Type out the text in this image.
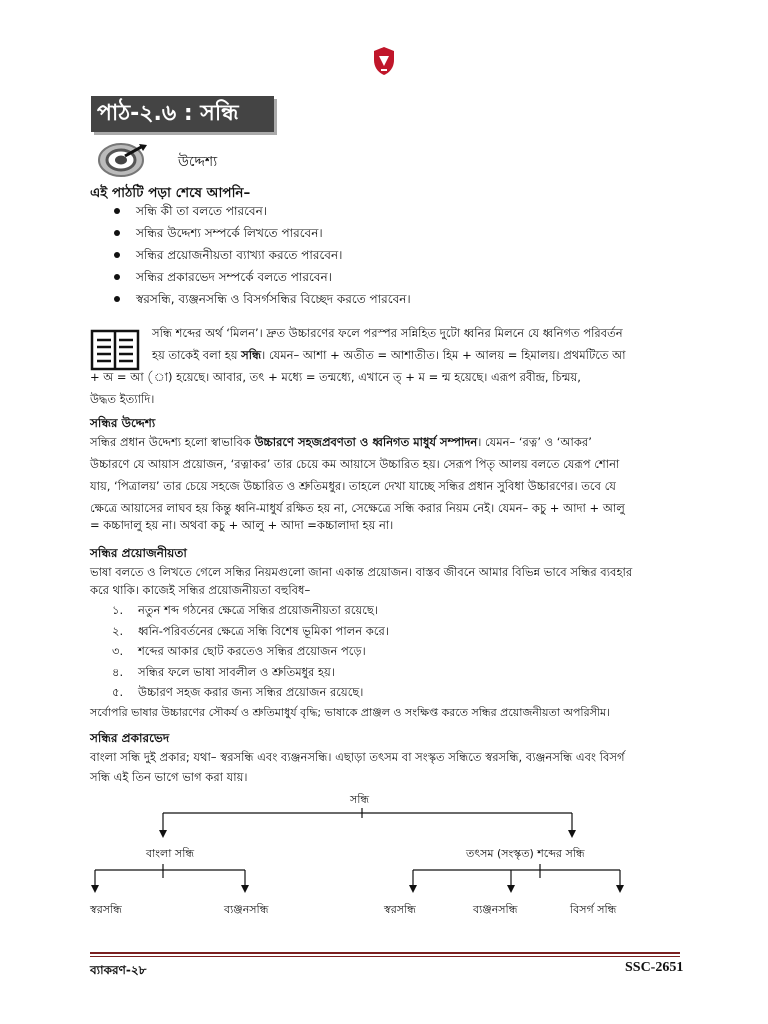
পাঠ-২.৬ : সন্ধি
উদ্দেশ্য
এই পাঠটি পড়া শেষে আপনি–
সন্ধি কী তা বলতে পারবেন।
সন্ধির উদ্দেশ্য সম্পর্কে লিখতে পারবেন।
সন্ধির প্রয়োজনীয়তা ব্যাখ্যা করতে পারবেন।
সন্ধির প্রকারভেদ সম্পর্কে বলতে পারবেন।
স্বরসন্ধি, ব্যঞ্জনসন্ধি ও বিসর্গসন্ধির বিচ্ছেদ করতে পারবেন।
সন্ধি শব্দের অর্থ ‘মিলন’। দ্রুত উচ্চারণের ফলে পরস্পর সন্নিহিত দুটো ধ্বনির মিলনে যে ধ্বনিগত পরিবর্তন
হয় তাকেই বলা হয় সন্ধি। যেমন– আশা + অতীত = আশাতীত। হিম + আলয় = হিমালয়। প্রথমটিতে আ
+ অ = আ (া) হয়েছে। আবার, তৎ + মধ্যে = তন্মধ্যে, এখানে ত্‌ + ম = ন্ম হয়েছে। এরূপ রবীন্দ্র, চিন্ময়,
উদ্ধত ইত্যাদি।
সন্ধির উদ্দেশ্য
সন্ধির প্রধান উদ্দেশ্য হলো স্বাভাবিক উচ্চারণে সহজপ্রবণতা ও ধ্বনিগত মাধুর্য সম্পাদন। যেমন– ‘রত্ন’ ও ‘আকর’
উচ্চারণে যে আয়াস প্রয়োজন, ‘রত্নাকর’ তার চেয়ে কম আয়াসে উচ্চারিত হয়। সেরূপ পিতৃ আলয় বলতে যেরূপ শোনা
যায়, ‘পিত্রালয়’ তার চেয়ে সহজে উচ্চারিত ও শ্রুতিমধুর। তাহলে দেখা যাচ্ছে সন্ধির প্রধান সুবিধা উচ্চারণের। তবে যে
ক্ষেত্রে আয়াসের লাঘব হয় কিন্তু ধ্বনি-মাধুর্য রক্ষিত হয় না, সেক্ষেত্রে সন্ধি করার নিয়ম নেই। যেমন– কচু + আদা + আলু
= কচ্চাদালু হয় না। অথবা কচু + আলু + আদা =কচ্চালাদা হয় না।
সন্ধির প্রয়োজনীয়তা
ভাষা বলতে ও লিখতে গেলে সন্ধির নিয়মগুলো জানা একান্ত প্রয়োজন। বাস্তব জীবনে আমার বিভিন্ন ভাবে সন্ধির ব্যবহার
করে থাকি। কাজেই সন্ধির প্রয়োজনীয়তা বহুবিধ–
১. নতুন শব্দ গঠনের ক্ষেত্রে সন্ধির প্রয়োজনীয়তা রয়েছে।
২. ধ্বনি-পরিবর্তনের ক্ষেত্রে সন্ধি বিশেষ ভূমিকা পালন করে।
৩. শব্দের আকার ছোট করতেও সন্ধির প্রয়োজন পড়ে।
৪. সন্ধির ফলে ভাষা সাবলীল ও শ্রুতিমধুর হয়।
৫. উচ্চারণ সহজ করার জন্য সন্ধির প্রয়োজন রয়েছে।
সর্বোপরি ভাষার উচ্চারণের সৌকর্য ও শ্রুতিমাধুর্য বৃদ্ধি; ভাষাকে প্রাঞ্জল ও সংক্ষিপ্ত করতে সন্ধির প্রয়োজনীয়তা অপরিসীম।
সন্ধির প্রকারভেদ
বাংলা সন্ধি দুই প্রকার; যথা– স্বরসন্ধি এবং ব্যঞ্জনসন্ধি। এছাড়া তৎসম বা সংস্কৃত সন্ধিতে স্বরসন্ধি, ব্যঞ্জনসন্ধি এবং বিসর্গ
সন্ধি এই তিন ভাগে ভাগ করা যায়।
সন্ধি
বাংলা সন্ধি	তৎসম (সংস্কৃত) শব্দের সন্ধি
স্বরসন্ধি	ব্যঞ্জনসন্ধি	স্বরসন্ধি	ব্যঞ্জনসন্ধি	বিসর্গ সন্ধি
ব্যাকরণ-২৮	SSC-2651
